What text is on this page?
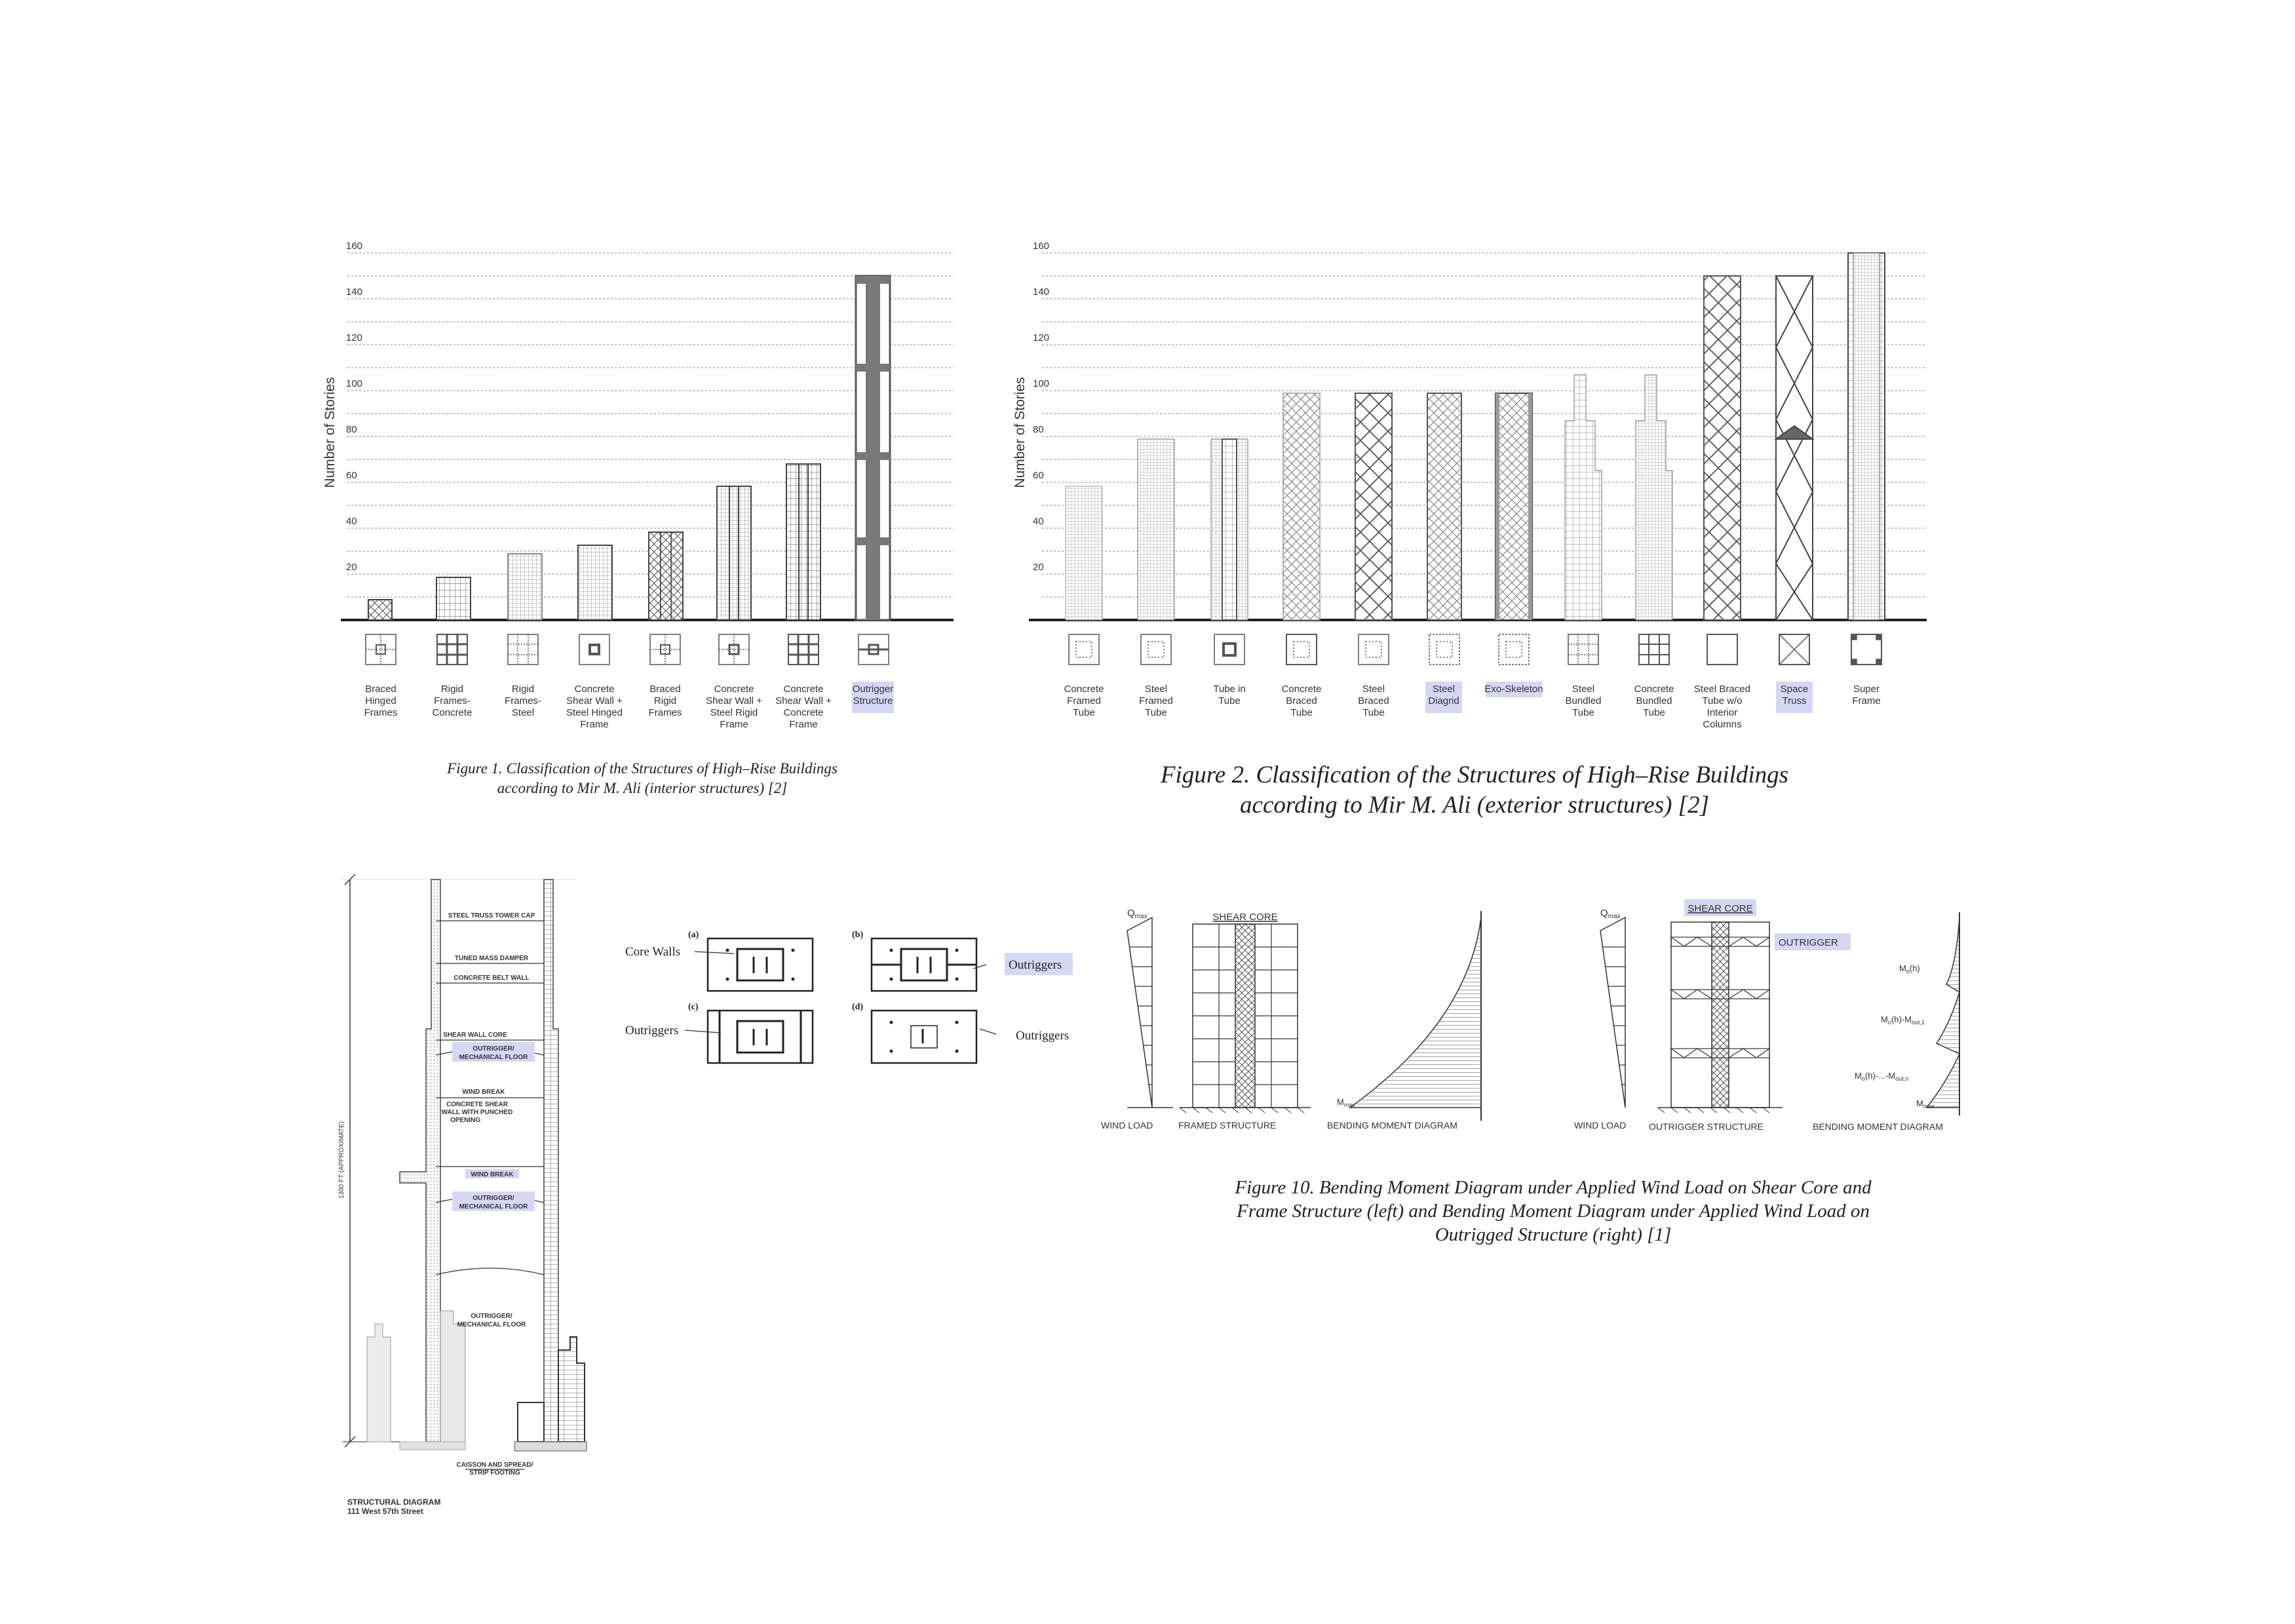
Number of Stories
160
140
120
100
80
60
40
20
Braced Hinged Frames
Rigid Frames-Concrete
Rigid Frames-Steel
Concrete Shear Wall + Steel Hinged Frame
Braced Rigid Frames
Concrete Shear Wall + Steel Rigid Frame
Concrete Shear Wall + Concrete Frame
Outrigger Structure
Figure 1. Classification of the Structures of High–Rise Buildings
according to Mir M. Ali (interior structures) [2]
Number of Stories
160
140
120
100
80
60
40
20
Concrete Framed Tube
Steel Framed Tube
Tube in Tube
Concrete Braced Tube
Steel Braced Tube
Steel Diagrid
Exo-Skeleton	Steel Bundled Tube
Concrete Bundled Tube
Steel Braced Tube w/o Interior Columns
Space Truss
Super Frame
Figure 2. Classification of the Structures of High–Rise Buildings
according to Mir M. Ali (exterior structures) [2]
1300 FT (APPROXIMATE)
STEEL TRUSS TOWER CAP
TUNED MASS DAMPER
CONCRETE BELT WALL
SHEAR WALL CORE
OUTRIGGER/
MECHANICAL FLOOR
WIND BREAK
CONCRETE SHEAR
WALL WITH PUNCHED
OPENING
WIND BREAK
OUTRIGGER/
MECHANICAL FLOOR
OUTRIGGER/
MECHANICAL FLOOR
CAISSON AND SPREAD/
STRIP FOOTING
STRUCTURAL DIAGRAM
111 West 57th Street
(a)	(b)
(c)	(d)
Core Walls
Outriggers
Outriggers	Outriggers
$Q_{max}$	SHEAR CORE
$M_{max}$
WIND LOAD	FRAMED STRUCTURE	BENDING MOMENT DIAGRAM
$Q_{max}$
SHEAR CORE
OUTRIGGER
$M_o(h)$
$M_o(h)-M_{out,1}$
$M_o(h)-...-M_{out,n}$
$M_{max}$
WIND LOAD OUTRIGGER STRUCTURE	BENDING MOMENT DIAGRAM
Figure 10. Bending Moment Diagram under Applied Wind Load on Shear Core and
Frame Structure (left) and Bending Moment Diagram under Applied Wind Load on
Outrigged Structure (right) [1]
